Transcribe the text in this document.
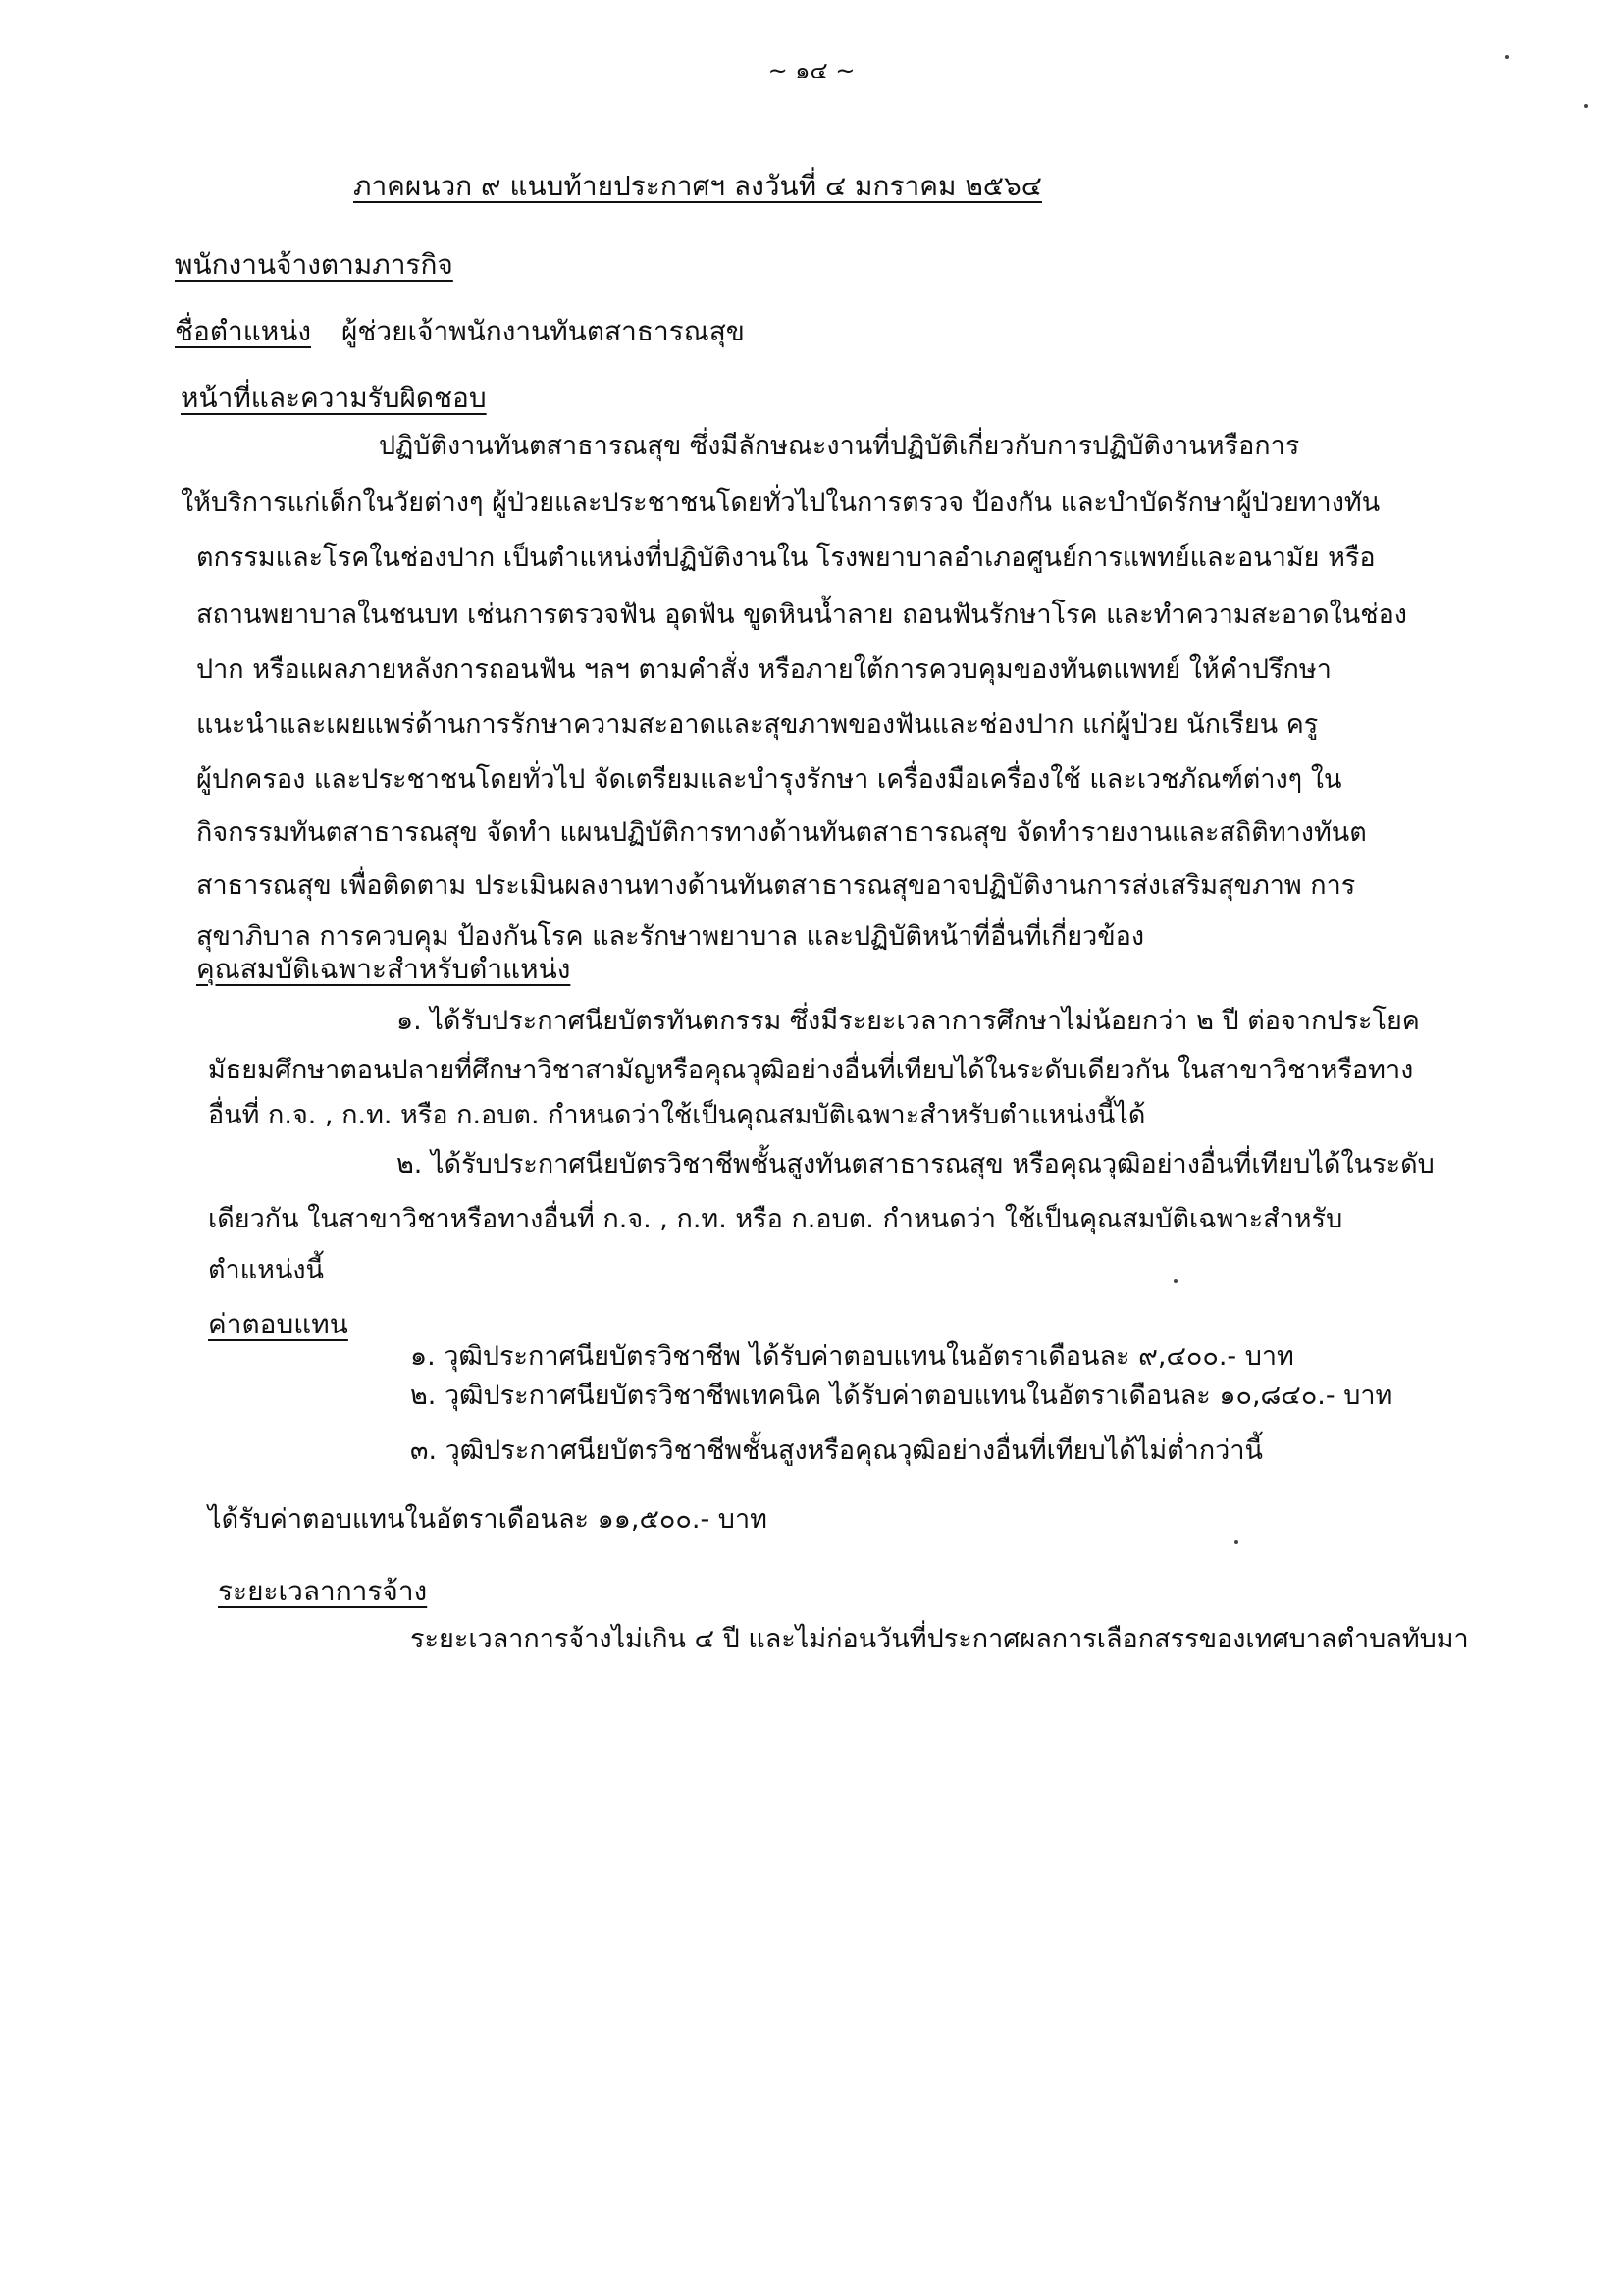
~ ๑๔ ~
ภาคผนวก ๙ แนบท้ายประกาศฯ ลงวันที่ ๔ มกราคม ๒๕๖๔
พนักงานจ้างตามภารกิจ
ชื่อตำแหน่ง ผู้ช่วยเจ้าพนักงานทันตสาธารณสุข
หน้าที่และความรับผิดชอบ
ปฏิบัติงานทันตสาธารณสุข ซึ่งมีลักษณะงานที่ปฏิบัติเกี่ยวกับการปฏิบัติงานหรือการ
ให้บริการแก่เด็กในวัยต่างๆ ผู้ป่วยและประชาชนโดยทั่วไปในการตรวจ ป้องกัน และบำบัดรักษาผู้ป่วยทางทัน
ตกรรมและโรคในช่องปาก เป็นตำแหน่งที่ปฏิบัติงานใน โรงพยาบาลอำเภอศูนย์การแพทย์และอนามัย หรือ
สถานพยาบาลในชนบท เช่นการตรวจฟัน อุดฟัน ขูดหินน้ำลาย ถอนฟันรักษาโรค และทำความสะอาดในช่อง
ปาก หรือแผลภายหลังการถอนฟัน ฯลฯ ตามคำสั่ง หรือภายใต้การควบคุมของทันตแพทย์ ให้คำปรึกษา
แนะนำและเผยแพร่ด้านการรักษาความสะอาดและสุขภาพของฟันและช่องปาก แก่ผู้ป่วย นักเรียน ครู
ผู้ปกครอง และประชาชนโดยทั่วไป จัดเตรียมและบำรุงรักษา เครื่องมือเครื่องใช้ และเวชภัณฑ์ต่างๆ ใน
กิจกรรมทันตสาธารณสุข จัดทำ แผนปฏิบัติการทางด้านทันตสาธารณสุข จัดทำรายงานและสถิติทางทันต
สาธารณสุข เพื่อติดตาม ประเมินผลงานทางด้านทันตสาธารณสุขอาจปฏิบัติงานการส่งเสริมสุขภาพ การ
สุขาภิบาล การควบคุม ป้องกันโรค และรักษาพยาบาล และปฏิบัติหน้าที่อื่นที่เกี่ยวข้อง
คุณสมบัติเฉพาะสำหรับตำแหน่ง
๑. ได้รับประกาศนียบัตรทันตกรรม ซึ่งมีระยะเวลาการศึกษาไม่น้อยกว่า ๒ ปี ต่อจากประโยค
มัธยมศึกษาตอนปลายที่ศึกษาวิชาสามัญหรือคุณวุฒิอย่างอื่นที่เทียบได้ในระดับเดียวกัน ในสาขาวิชาหรือทาง
อื่นที่ ก.จ. , ก.ท. หรือ ก.อบต. กำหนดว่าใช้เป็นคุณสมบัติเฉพาะสำหรับตำแหน่งนี้ได้
๒. ได้รับประกาศนียบัตรวิชาชีพชั้นสูงทันตสาธารณสุข หรือคุณวุฒิอย่างอื่นที่เทียบได้ในระดับ
เดียวกัน ในสาขาวิชาหรือทางอื่นที่ ก.จ. , ก.ท. หรือ ก.อบต. กำหนดว่า ใช้เป็นคุณสมบัติเฉพาะสำหรับ
ตำแหน่งนี้
ค่าตอบแทน
๑. วุฒิประกาศนียบัตรวิชาชีพ ได้รับค่าตอบแทนในอัตราเดือนละ ๙,๔๐๐.- บาท
๒. วุฒิประกาศนียบัตรวิชาชีพเทคนิค ได้รับค่าตอบแทนในอัตราเดือนละ ๑๐,๘๔๐.- บาท
๓. วุฒิประกาศนียบัตรวิชาชีพชั้นสูงหรือคุณวุฒิอย่างอื่นที่เทียบได้ไม่ต่ำกว่านี้
ได้รับค่าตอบแทนในอัตราเดือนละ ๑๑,๕๐๐.- บาท
ระยะเวลาการจ้าง
ระยะเวลาการจ้างไม่เกิน ๔ ปี และไม่ก่อนวันที่ประกาศผลการเลือกสรรของเทศบาลตำบลทับมา
